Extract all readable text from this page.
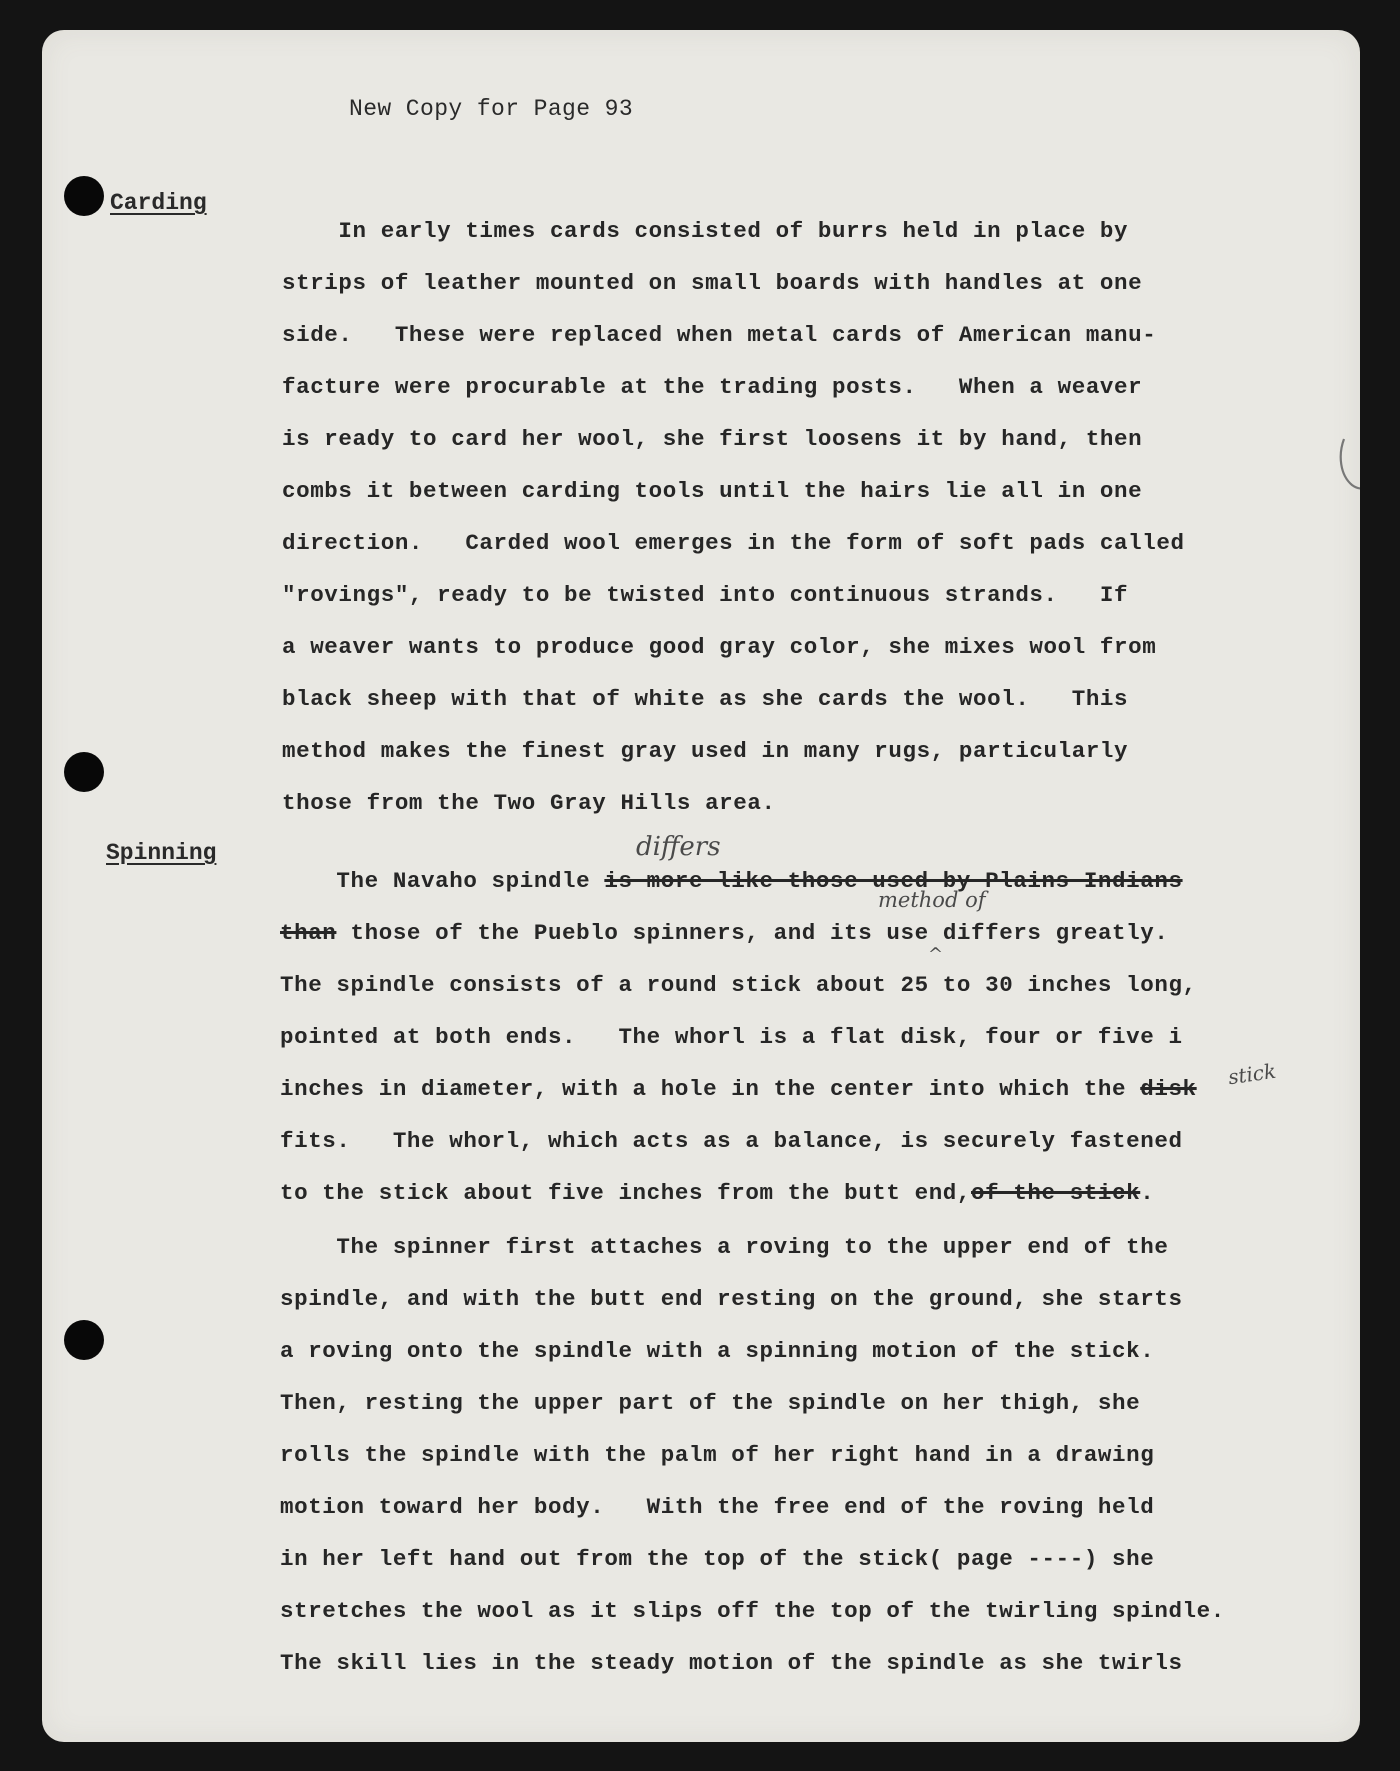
New Copy for Page 93
Carding
Spinning
In early times cards consisted of burrs held in place by
strips of leather mounted on small boards with handles at one
side.   These were replaced when metal cards of American manu-
facture were procurable at the trading posts.   When a weaver
is ready to card her wool, she first loosens it by hand, then
combs it between carding tools until the hairs lie all in one
direction.   Carded wool emerges in the form of soft pads called
"rovings", ready to be twisted into continuous strands.   If
a weaver wants to produce good gray color, she mixes wool from
black sheep with that of white as she cards the wool.   This
method makes the finest gray used in many rugs, particularly
those from the Two Gray Hills area.
differs
method of
^
stick
The Navaho spindle is more like those used by Plains Indians
than those of the Pueblo spinners, and its use differs greatly.
The spindle consists of a round stick about 25 to 30 inches long,
pointed at both ends.   The whorl is a flat disk, four or five i
inches in diameter, with a hole in the center into which the disk
fits.   The whorl, which acts as a balance, is securely fastened
to the stick about five inches from the butt end,of the stick.
The spinner first attaches a roving to the upper end of the
spindle, and with the butt end resting on the ground, she starts
a roving onto the spindle with a spinning motion of the stick.
Then, resting the upper part of the spindle on her thigh, she
rolls the spindle with the palm of her right hand in a drawing
motion toward her body.   With the free end of the roving held
in her left hand out from the top of the stick( page ----) she
stretches the wool as it slips off the top of the twirling spindle.
The skill lies in the steady motion of the spindle as she twirls
